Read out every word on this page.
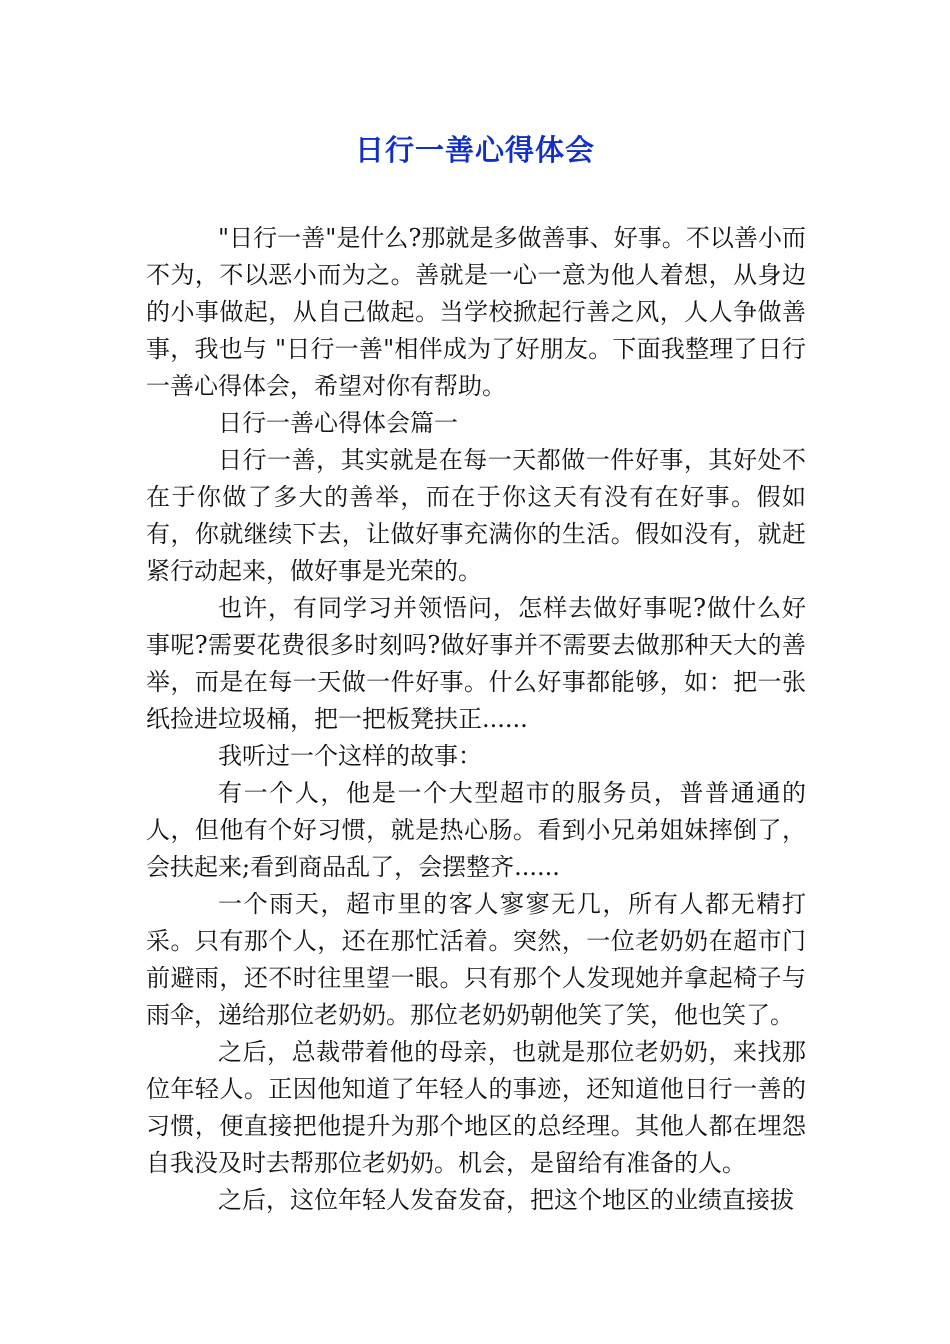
日行一善心得体会

"日行一善"是什么?那就是多做善事、好事。不以善小而不为，不以恶小而为之。善就是一心一意为他人着想，从身边的小事做起，从自己做起。当学校掀起行善之风，人人争做善事，我也与 "日行一善"相伴成为了好朋友。下面我整理了日行一善心得体会，希望对你有帮助。

日行一善心得体会篇一

日行一善，其实就是在每一天都做一件好事，其好处不在于你做了多大的善举，而在于你这天有没有在好事。假如有，你就继续下去，让做好事充满你的生活。假如没有，就赶紧行动起来，做好事是光荣的。

也许，有同学习并领悟问，怎样去做好事呢?做什么好事呢?需要花费很多时刻吗?做好事并不需要去做那种天大的善举，而是在每一天做一件好事。什么好事都能够，如：把一张纸捡进垃圾桶，把一把板凳扶正......

我听过一个这样的故事：

有一个人，他是一个大型超市的服务员，普普通通的人，但他有个好习惯，就是热心肠。看到小兄弟姐妹摔倒了，会扶起来;看到商品乱了，会摆整齐......

一个雨天，超市里的客人寥寥无几，所有人都无精打采。只有那个人，还在那忙活着。突然，一位老奶奶在超市门前避雨，还不时往里望一眼。只有那个人发现她并拿起椅子与雨伞，递给那位老奶奶。那位老奶奶朝他笑了笑，他也笑了。

之后，总裁带着他的母亲，也就是那位老奶奶，来找那位年轻人。正因他知道了年轻人的事迹，还知道他日行一善的习惯，便直接把他提升为那个地区的总经理。其他人都在埋怨自我没及时去帮那位老奶奶。机会，是留给有准备的人。

之后，这位年轻人发奋发奋，把这个地区的业绩直接拔
